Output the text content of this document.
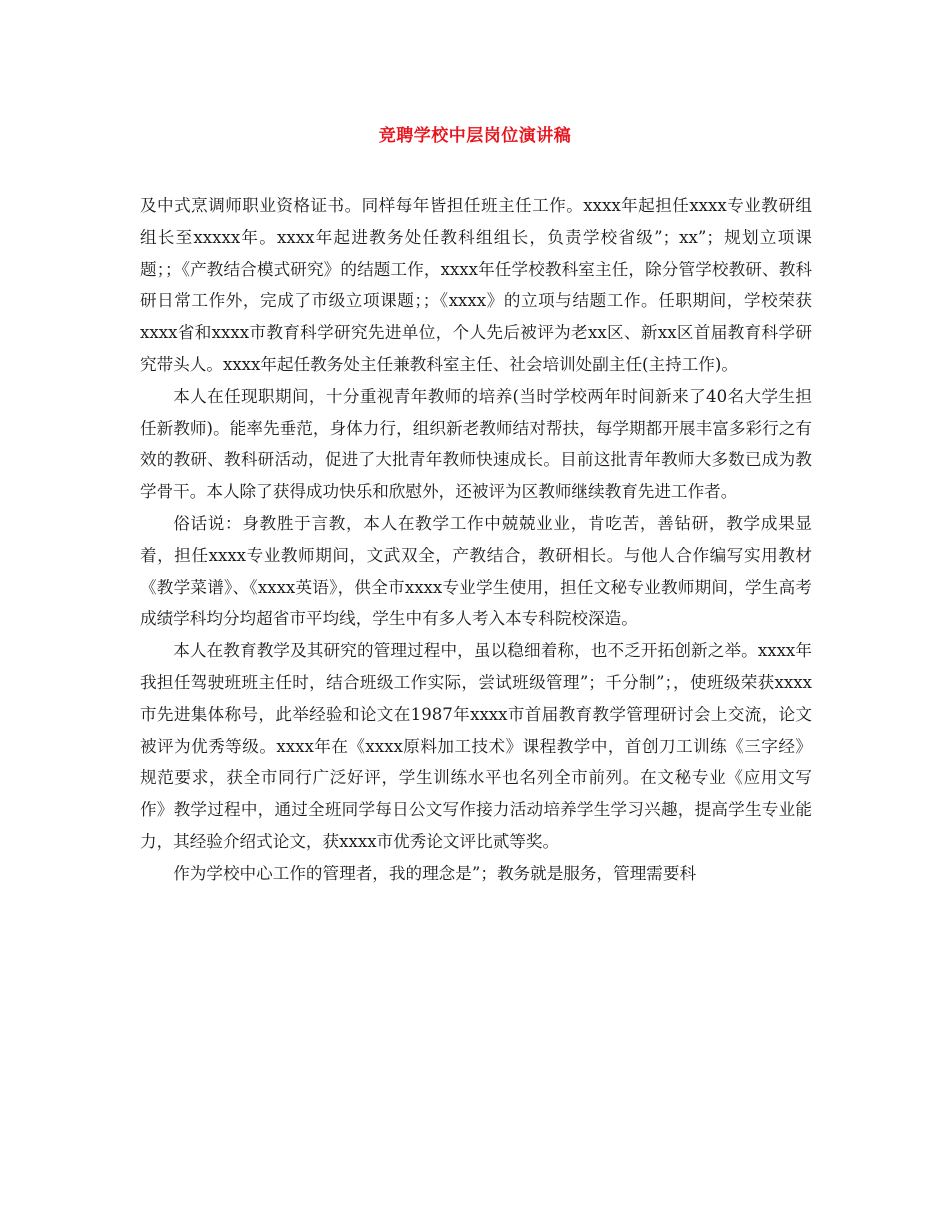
竞聘学校中层岗位演讲稿

及中式烹调师职业资格证书。同样每年皆担任班主任工作。xxxx年起担任xxxx专业教研组组长至xxxxx年。xxxx年起进教务处任教科组组长，负责学校省级”；xx”；规划立项课题；；《产教结合模式研究》的结题工作，xxxx年任学校教科室主任，除分管学校教研、教科研日常工作外，完成了市级立项课题；；《xxxx》的立项与结题工作。任职期间，学校荣获xxxx省和xxxx市教育科学研究先进单位，个人先后被评为老xx区、新xx区首届教育科学研究带头人。xxxx年起任教务处主任兼教科室主任、社会培训处副主任(主持工作)。

本人在任现职期间，十分重视青年教师的培养(当时学校两年时间新来了40名大学生担任新教师)。能率先垂范，身体力行，组织新老教师结对帮扶，每学期都开展丰富多彩行之有效的教研、教科研活动，促进了大批青年教师快速成长。目前这批青年教师大多数已成为教学骨干。本人除了获得成功快乐和欣慰外，还被评为区教师继续教育先进工作者。

俗话说：身教胜于言教，本人在教学工作中兢兢业业，肯吃苦，善钻研，教学成果显着，担任xxxx专业教师期间，文武双全，产教结合，教研相长。与他人合作编写实用教材《教学菜谱》、《xxxx英语》，供全市xxxx专业学生使用，担任文秘专业教师期间，学生高考成绩学科均分均超省市平均线，学生中有多人考入本专科院校深造。

本人在教育教学及其研究的管理过程中，虽以稳细着称，也不乏开拓创新之举。xxxx年我担任驾驶班班主任时，结合班级工作实际，尝试班级管理”；千分制”；，使班级荣获xxxx市先进集体称号，此举经验和论文在1987年xxxx市首届教育教学管理研讨会上交流，论文被评为优秀等级。xxxx年在《xxxx原料加工技术》课程教学中，首创刀工训练《三字经》规范要求，获全市同行广泛好评，学生训练水平也名列全市前列。在文秘专业《应用文写作》教学过程中，通过全班同学每日公文写作接力活动培养学生学习兴趣，提高学生专业能力，其经验介绍式论文，获xxxx市优秀论文评比贰等奖。

作为学校中心工作的管理者，我的理念是”；教务就是服务，管理需要科
